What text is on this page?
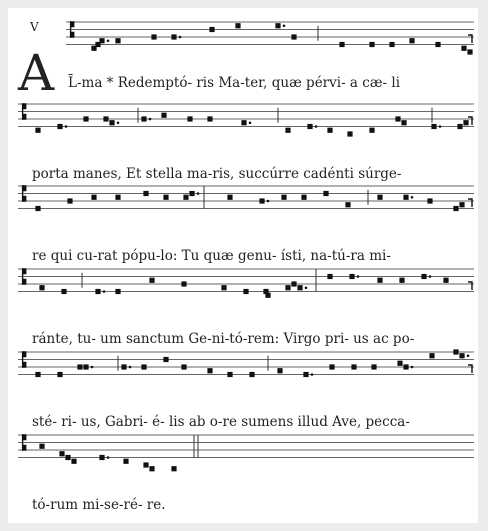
V
A L̄-ma * Redemptó- ris Ma-ter, quæ pérvi- a cæ- li

porta manes, Et stella ma-ris, succúrre cadénti súrge-

re qui cu-rat pópu-lo: Tu quæ genu- ísti, na-tú-ra mi-

ránte, tu- um sanctum Ge-ni-tó-rem: Virgo pri- us ac po-

sté- ri- us, Gabri- é- lis ab o-re sumens illud Ave, pecca-

tó-rum mi-se-ré- re.
